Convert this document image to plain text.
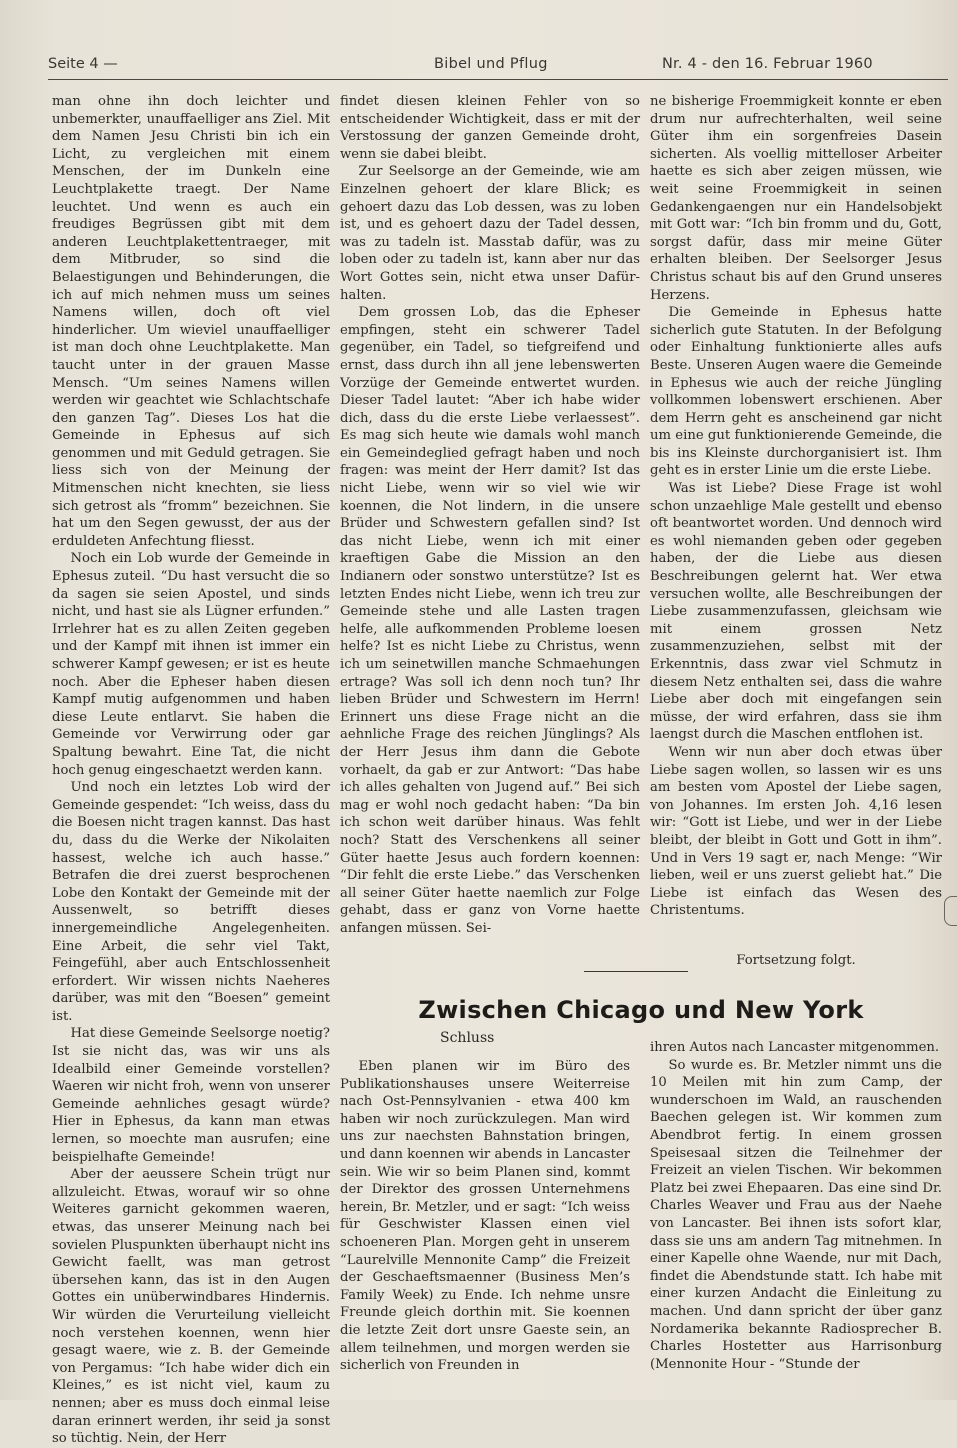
Seite 4 —	Bibel und Pflug	Nr. 4 - den 16. Februar 1960

man ohne ihn doch leichter und unbemerkter, unauffaelliger ans Ziel. Mit dem Namen Jesu Christi bin ich ein Licht, zu vergleichen mit einem Menschen, der im Dunkeln eine Leuchtplakette traegt. Der Name leuchtet. Und wenn es auch ein freudiges Begrüssen gibt mit dem anderen Leuchtplakettentraeger, mit dem Mitbruder, so sind die Belaestigungen und Behinderungen, die ich auf mich nehmen muss um seines Namens willen, doch oft viel hinderlicher. Um wieviel unauffaelliger ist man doch ohne Leuchtplakette. Man taucht unter in der grauen Masse Mensch. “Um seines Namens willen werden wir geachtet wie Schlachtschafe den ganzen Tag”. Dieses Los hat die Gemeinde in Ephesus auf sich genommen und mit Geduld getragen. Sie liess sich von der Meinung der Mitmenschen nicht knechten, sie liess sich getrost als “fromm” bezeichnen. Sie hat um den Segen gewusst, der aus der erduldeten Anfechtung fliesst.

Noch ein Lob wurde der Gemeinde in Ephesus zuteil. “Du hast versucht die so da sagen sie seien Apostel, und sinds nicht, und hast sie als Lügner erfunden.” Irrlehrer hat es zu allen Zeiten gegeben und der Kampf mit ihnen ist immer ein schwerer Kampf gewesen; er ist es heute noch. Aber die Epheser haben diesen Kampf mutig aufgenommen und haben diese Leute entlarvt. Sie haben die Gemeinde vor Verwirrung oder gar Spaltung bewahrt. Eine Tat, die nicht hoch genug eingeschaetzt werden kann.

Und noch ein letztes Lob wird der Gemeinde gespendet: “Ich weiss, dass du die Boesen nicht tragen kannst. Das hast du, dass du die Werke der Nikolaiten hassest, welche ich auch hasse.” Betrafen die drei zuerst besprochenen Lobe den Kontakt der Gemeinde mit der Aussenwelt, so betrifft dieses innergemeindliche Angelegenheiten. Eine Arbeit, die sehr viel Takt, Feingefühl, aber auch Entschlossenheit erfordert. Wir wissen nichts Naeheres darüber, was mit den “Boesen” gemeint ist.

Hat diese Gemeinde Seelsorge noetig? Ist sie nicht das, was wir uns als Idealbild einer Gemeinde vorstellen? Waeren wir nicht froh, wenn von unserer Gemeinde aehnliches gesagt würde? Hier in Ephesus, da kann man etwas lernen, so moechte man ausrufen; eine beispielhafte Gemeinde!

Aber der aeussere Schein trügt nur allzuleicht. Etwas, worauf wir so ohne Weiteres garnicht gekommen waeren, etwas, das unserer Meinung nach bei sovielen Pluspunkten überhaupt nicht ins Gewicht faellt, was man getrost übersehen kann, das ist in den Augen Gottes ein unüberwindbares Hindernis. Wir würden die Verurteilung vielleicht noch verstehen koennen, wenn hier gesagt waere, wie z. B. der Gemeinde von Pergamus: “Ich habe wider dich ein Kleines,” es ist nicht viel, kaum zu nennen; aber es muss doch einmal leise daran erinnert werden, ihr seid ja sonst so tüchtig. Nein, der Herr

findet diesen kleinen Fehler von so entscheidender Wichtigkeit, dass er mit der Verstossung der ganzen Gemeinde droht, wenn sie dabei bleibt.

Zur Seelsorge an der Gemeinde, wie am Einzelnen gehoert der klare Blick; es gehoert dazu das Lob dessen, was zu loben ist, und es gehoert dazu der Tadel dessen, was zu tadeln ist. Masstab dafür, was zu loben oder zu tadeln ist, kann aber nur das Wort Gottes sein, nicht etwa unser Dafür-halten.

Dem grossen Lob, das die Epheser empfingen, steht ein schwerer Tadel gegenüber, ein Tadel, so tiefgreifend und ernst, dass durch ihn all jene lebenswerten Vorzüge der Gemeinde entwertet wurden. Dieser Tadel lautet: “Aber ich habe wider dich, dass du die erste Liebe verlaessest”. Es mag sich heute wie damals wohl manch ein Gemeindeglied gefragt haben und noch fragen: was meint der Herr damit? Ist das nicht Liebe, wenn wir so viel wie wir koennen, die Not lindern, in die unsere Brüder und Schwestern gefallen sind? Ist das nicht Liebe, wenn ich mit einer kraeftigen Gabe die Mission an den Indianern oder sonstwo unterstütze? Ist es letzten Endes nicht Liebe, wenn ich treu zur Gemeinde stehe und alle Lasten tragen helfe, alle aufkommenden Probleme loesen helfe? Ist es nicht Liebe zu Christus, wenn ich um seinetwillen manche Schmaehungen ertrage? Was soll ich denn noch tun? Ihr lieben Brüder und Schwestern im Herrn! Erinnert uns diese Frage nicht an die aehnliche Frage des reichen Jünglings? Als der Herr Jesus ihm dann die Gebote vorhaelt, da gab er zur Antwort: “Das habe ich alles gehalten von Jugend auf.” Bei sich mag er wohl noch gedacht haben: “Da bin ich schon weit darüber hinaus. Was fehlt noch? Statt des Verschenkens all seiner Güter haette Jesus auch fordern koennen: “Dir fehlt die erste Liebe.” das Verschenken all seiner Güter haette naemlich zur Folge gehabt, dass er ganz von Vorne haette anfangen müssen. Sei-

ne bisherige Froemmigkeit konnte er eben drum nur aufrechterhalten, weil seine Güter ihm ein sorgenfreies Dasein sicherten. Als voellig mittelloser Arbeiter haette es sich aber zeigen müssen, wie weit seine Froemmigkeit in seinen Gedankengaengen nur ein Handelsobjekt mit Gott war: “Ich bin fromm und du, Gott, sorgst dafür, dass mir meine Güter erhalten bleiben. Der Seelsorger Jesus Christus schaut bis auf den Grund unseres Herzens.

Die Gemeinde in Ephesus hatte sicherlich gute Statuten. In der Befolgung oder Einhaltung funktionierte alles aufs Beste. Unseren Augen waere die Gemeinde in Ephesus wie auch der reiche Jüngling vollkommen lobenswert erschienen. Aber dem Herrn geht es anscheinend gar nicht um eine gut funktionierende Gemeinde, die bis ins Kleinste durchorganisiert ist. Ihm geht es in erster Linie um die erste Liebe.

Was ist Liebe? Diese Frage ist wohl schon unzaehlige Male gestellt und ebenso oft beantwortet worden. Und dennoch wird es wohl niemanden geben oder gegeben haben, der die Liebe aus diesen Beschreibungen gelernt hat. Wer etwa versuchen wollte, alle Beschreibungen der Liebe zusammenzufassen, gleichsam wie mit einem grossen Netz zusammenzuziehen, selbst mit der Erkenntnis, dass zwar viel Schmutz in diesem Netz enthalten sei, dass die wahre Liebe aber doch mit eingefangen sein müsse, der wird erfahren, dass sie ihm laengst durch die Maschen entflohen ist.

Wenn wir nun aber doch etwas über Liebe sagen wollen, so lassen wir es uns am besten vom Apostel der Liebe sagen, von Johannes. Im ersten Joh. 4,16 lesen wir: “Gott ist Liebe, und wer in der Liebe bleibt, der bleibt in Gott und Gott in ihm”. Und in Vers 19 sagt er, nach Menge: “Wir lieben, weil er uns zuerst geliebt hat.” Die Liebe ist einfach das Wesen des Christentums.

Fortsetzung folgt.
Zwischen Chicago und New York
Schluss

Eben planen wir im Büro des Publikationshauses unsere Weiterreise nach Ost-Pennsylvanien - etwa 400 km haben wir noch zurückzulegen. Man wird uns zur naechsten Bahnstation bringen, und dann koennen wir abends in Lancaster sein. Wie wir so beim Planen sind, kommt der Direktor des grossen Unternehmens herein, Br. Metzler, und er sagt: “Ich weiss für Geschwister Klassen einen viel schoeneren Plan. Morgen geht in unserem “Laurelville Mennonite Camp” die Freizeit der Geschaeftsmaenner (Business Men’s Family Week) zu Ende. Ich nehme unsre Freunde gleich dorthin mit. Sie koennen die letzte Zeit dort unsre Gaeste sein, an allem teilnehmen, und morgen werden sie sicherlich von Freunden in

ihren Autos nach Lancaster mitgenommen.

So wurde es. Br. Metzler nimmt uns die 10 Meilen mit hin zum Camp, der wunderschoen im Wald, an rauschenden Baechen gelegen ist. Wir kommen zum Abendbrot fertig. In einem grossen Speisesaal sitzen die Teilnehmer der Freizeit an vielen Tischen. Wir bekommen Platz bei zwei Ehepaaren. Das eine sind Dr. Charles Weaver und Frau aus der Naehe von Lancaster. Bei ihnen ists sofort klar, dass sie uns am andern Tag mitnehmen. In einer Kapelle ohne Waende, nur mit Dach, findet die Abendstunde statt. Ich habe mit einer kurzen Andacht die Einleitung zu machen. Und dann spricht der über ganz Nordamerika bekannte Radiosprecher B. Charles Hostetter aus Harrisonburg (Mennonite Hour - “Stunde der
